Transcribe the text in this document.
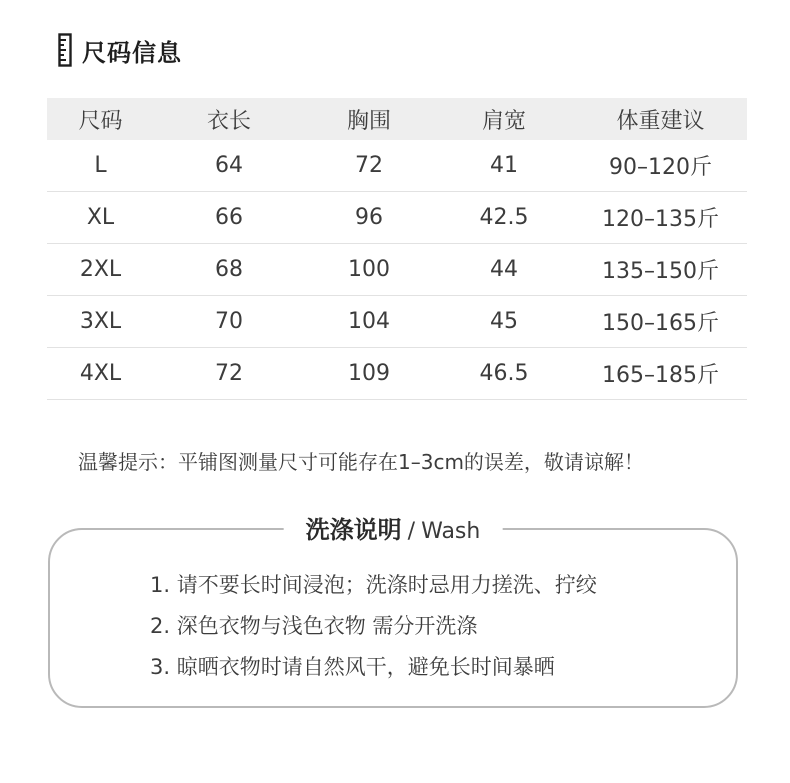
尺码信息
尺码	衣长	胸围	肩宽	体重建议
L	64	72	41	90–120斤
XL	66	96	42.5	120–135斤
2XL	68	100	44	135–150斤
3XL	70	104	45	150–165斤
4XL	72	109	46.5	165–185斤
温馨提示：平铺图测量尺寸可能存在1–3cm的误差，敬请谅解！
洗涤说明 / Wash
1. 请不要长时间浸泡；洗涤时忌用力搓洗、拧绞
2. 深色衣物与浅色衣物 需分开洗涤
3. 晾晒衣物时请自然风干，避免长时间暴晒
